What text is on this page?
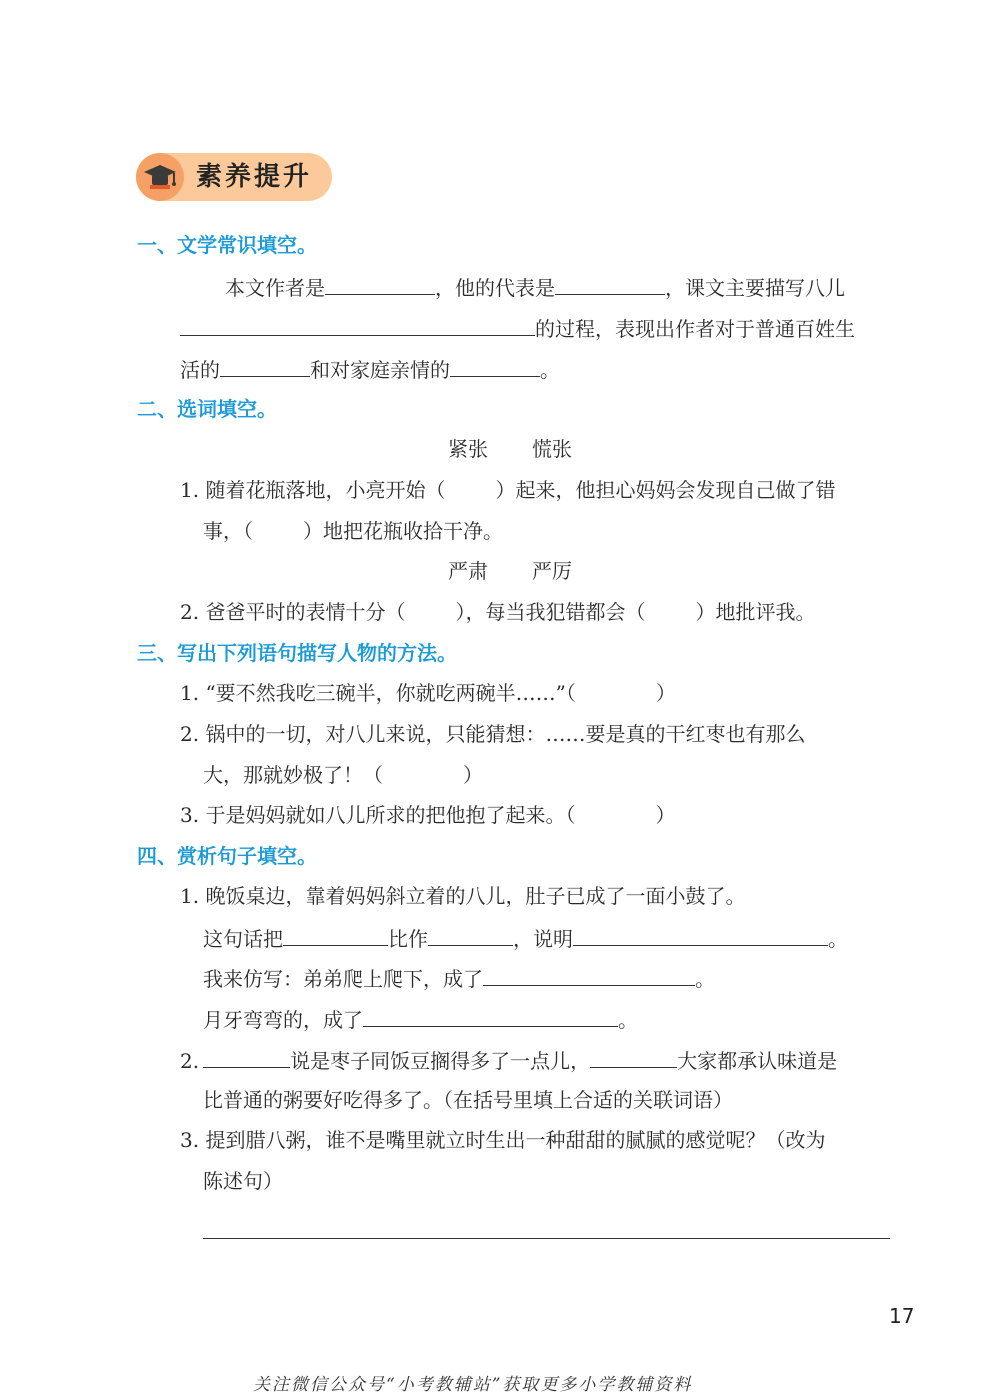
素养提升
一、文学常识填空。
本文作者是	，他的代表是	，课文主要描写八儿
的过程，表现出作者对于普通百姓生
活的	和对家庭亲情的	。
二、选词填空。
紧张 慌张
1. 随着花瓶落地，小亮开始（	）起来，他担心妈妈会发现自己做了错
事，（	）地把花瓶收拾干净。
严肃 严厉
2. 爸爸平时的表情十分（	），每当我犯错都会（	）地批评我。
三、写出下列语句描写人物的方法。
1. “要不然我吃三碗半，你就吃两碗半……”（	）
2. 锅中的一切，对八儿来说，只能猜想：……要是真的干红枣也有那么
大，那就妙极了！（	）
3. 于是妈妈就如八儿所求的把他抱了起来。（	）
四、赏析句子填空。
1. 晚饭桌边，靠着妈妈斜立着的八儿，肚子已成了一面小鼓了。
这句话把	比作	，说明	。
我来仿写：弟弟爬上爬下，成了	。
月牙弯弯的，成了	。
2.	说是枣子同饭豆搁得多了一点儿，	大家都承认味道是
比普通的粥要好吃得多了。（在括号里填上合适的关联词语）
3. 提到腊八粥，谁不是嘴里就立时生出一种甜甜的腻腻的感觉呢？（改为
陈述句）
17
关注微信公众号“小考教辅站”获取更多小学教辅资料
